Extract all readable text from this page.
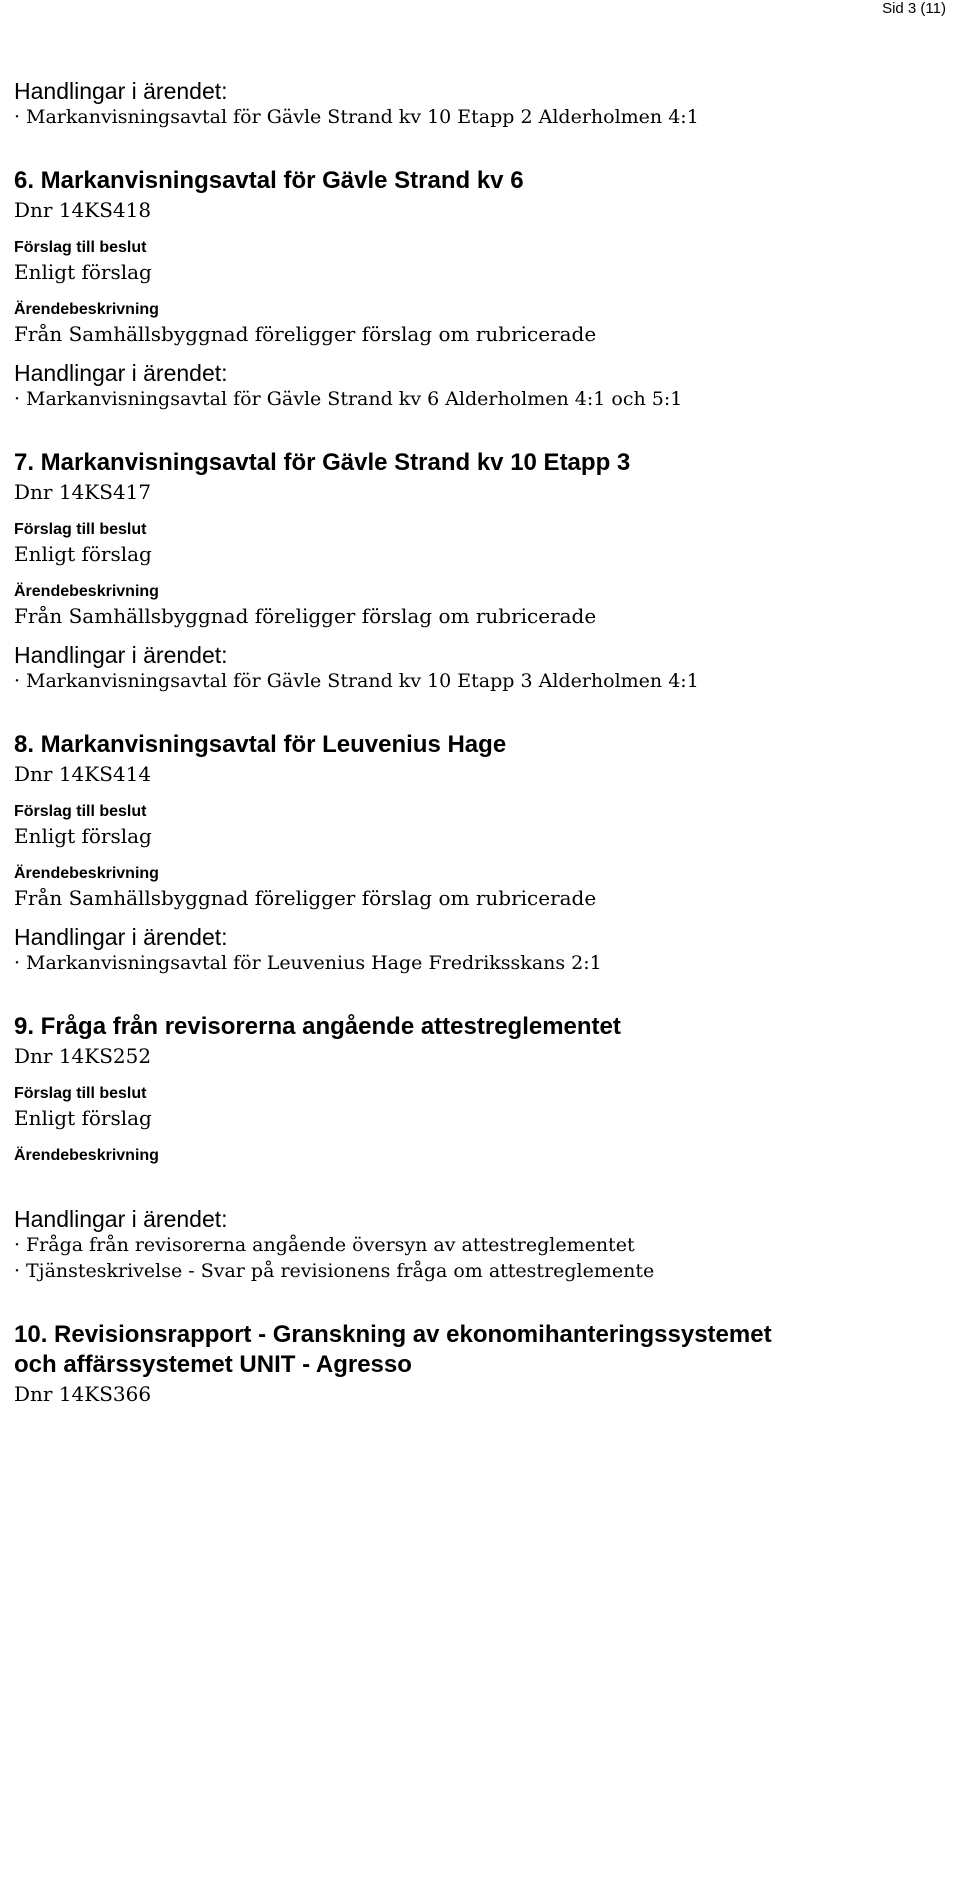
Sid 3 (11)

Handlingar i ärendet:

· Markanvisningsavtal för Gävle Strand kv 10 Etapp 2 Alderholmen 4:1

6. Markanvisningsavtal för Gävle Strand kv 6

Dnr 14KS418

Förslag till beslut

Enligt förslag

Ärendebeskrivning

Från Samhällsbyggnad föreligger förslag om rubricerade

Handlingar i ärendet:

· Markanvisningsavtal för Gävle Strand kv 6 Alderholmen 4:1 och 5:1

7. Markanvisningsavtal för Gävle Strand kv 10 Etapp 3

Dnr 14KS417

Förslag till beslut

Enligt förslag

Ärendebeskrivning

Från Samhällsbyggnad föreligger förslag om rubricerade

Handlingar i ärendet:

· Markanvisningsavtal för Gävle Strand kv 10 Etapp 3 Alderholmen 4:1

8. Markanvisningsavtal för Leuvenius Hage

Dnr 14KS414

Förslag till beslut

Enligt förslag

Ärendebeskrivning

Från Samhällsbyggnad föreligger förslag om rubricerade

Handlingar i ärendet:

· Markanvisningsavtal för Leuvenius Hage Fredriksskans 2:1

9. Fråga från revisorerna angående attestreglementet

Dnr 14KS252

Förslag till beslut

Enligt förslag

Ärendebeskrivning

Handlingar i ärendet:

· Fråga från revisorerna angående översyn av attestreglementet

· Tjänsteskrivelse - Svar på revisionens fråga om attestreglemente

10. Revisionsrapport - Granskning av ekonomihanteringssystemet

och affärssystemet UNIT - Agresso

Dnr 14KS366
